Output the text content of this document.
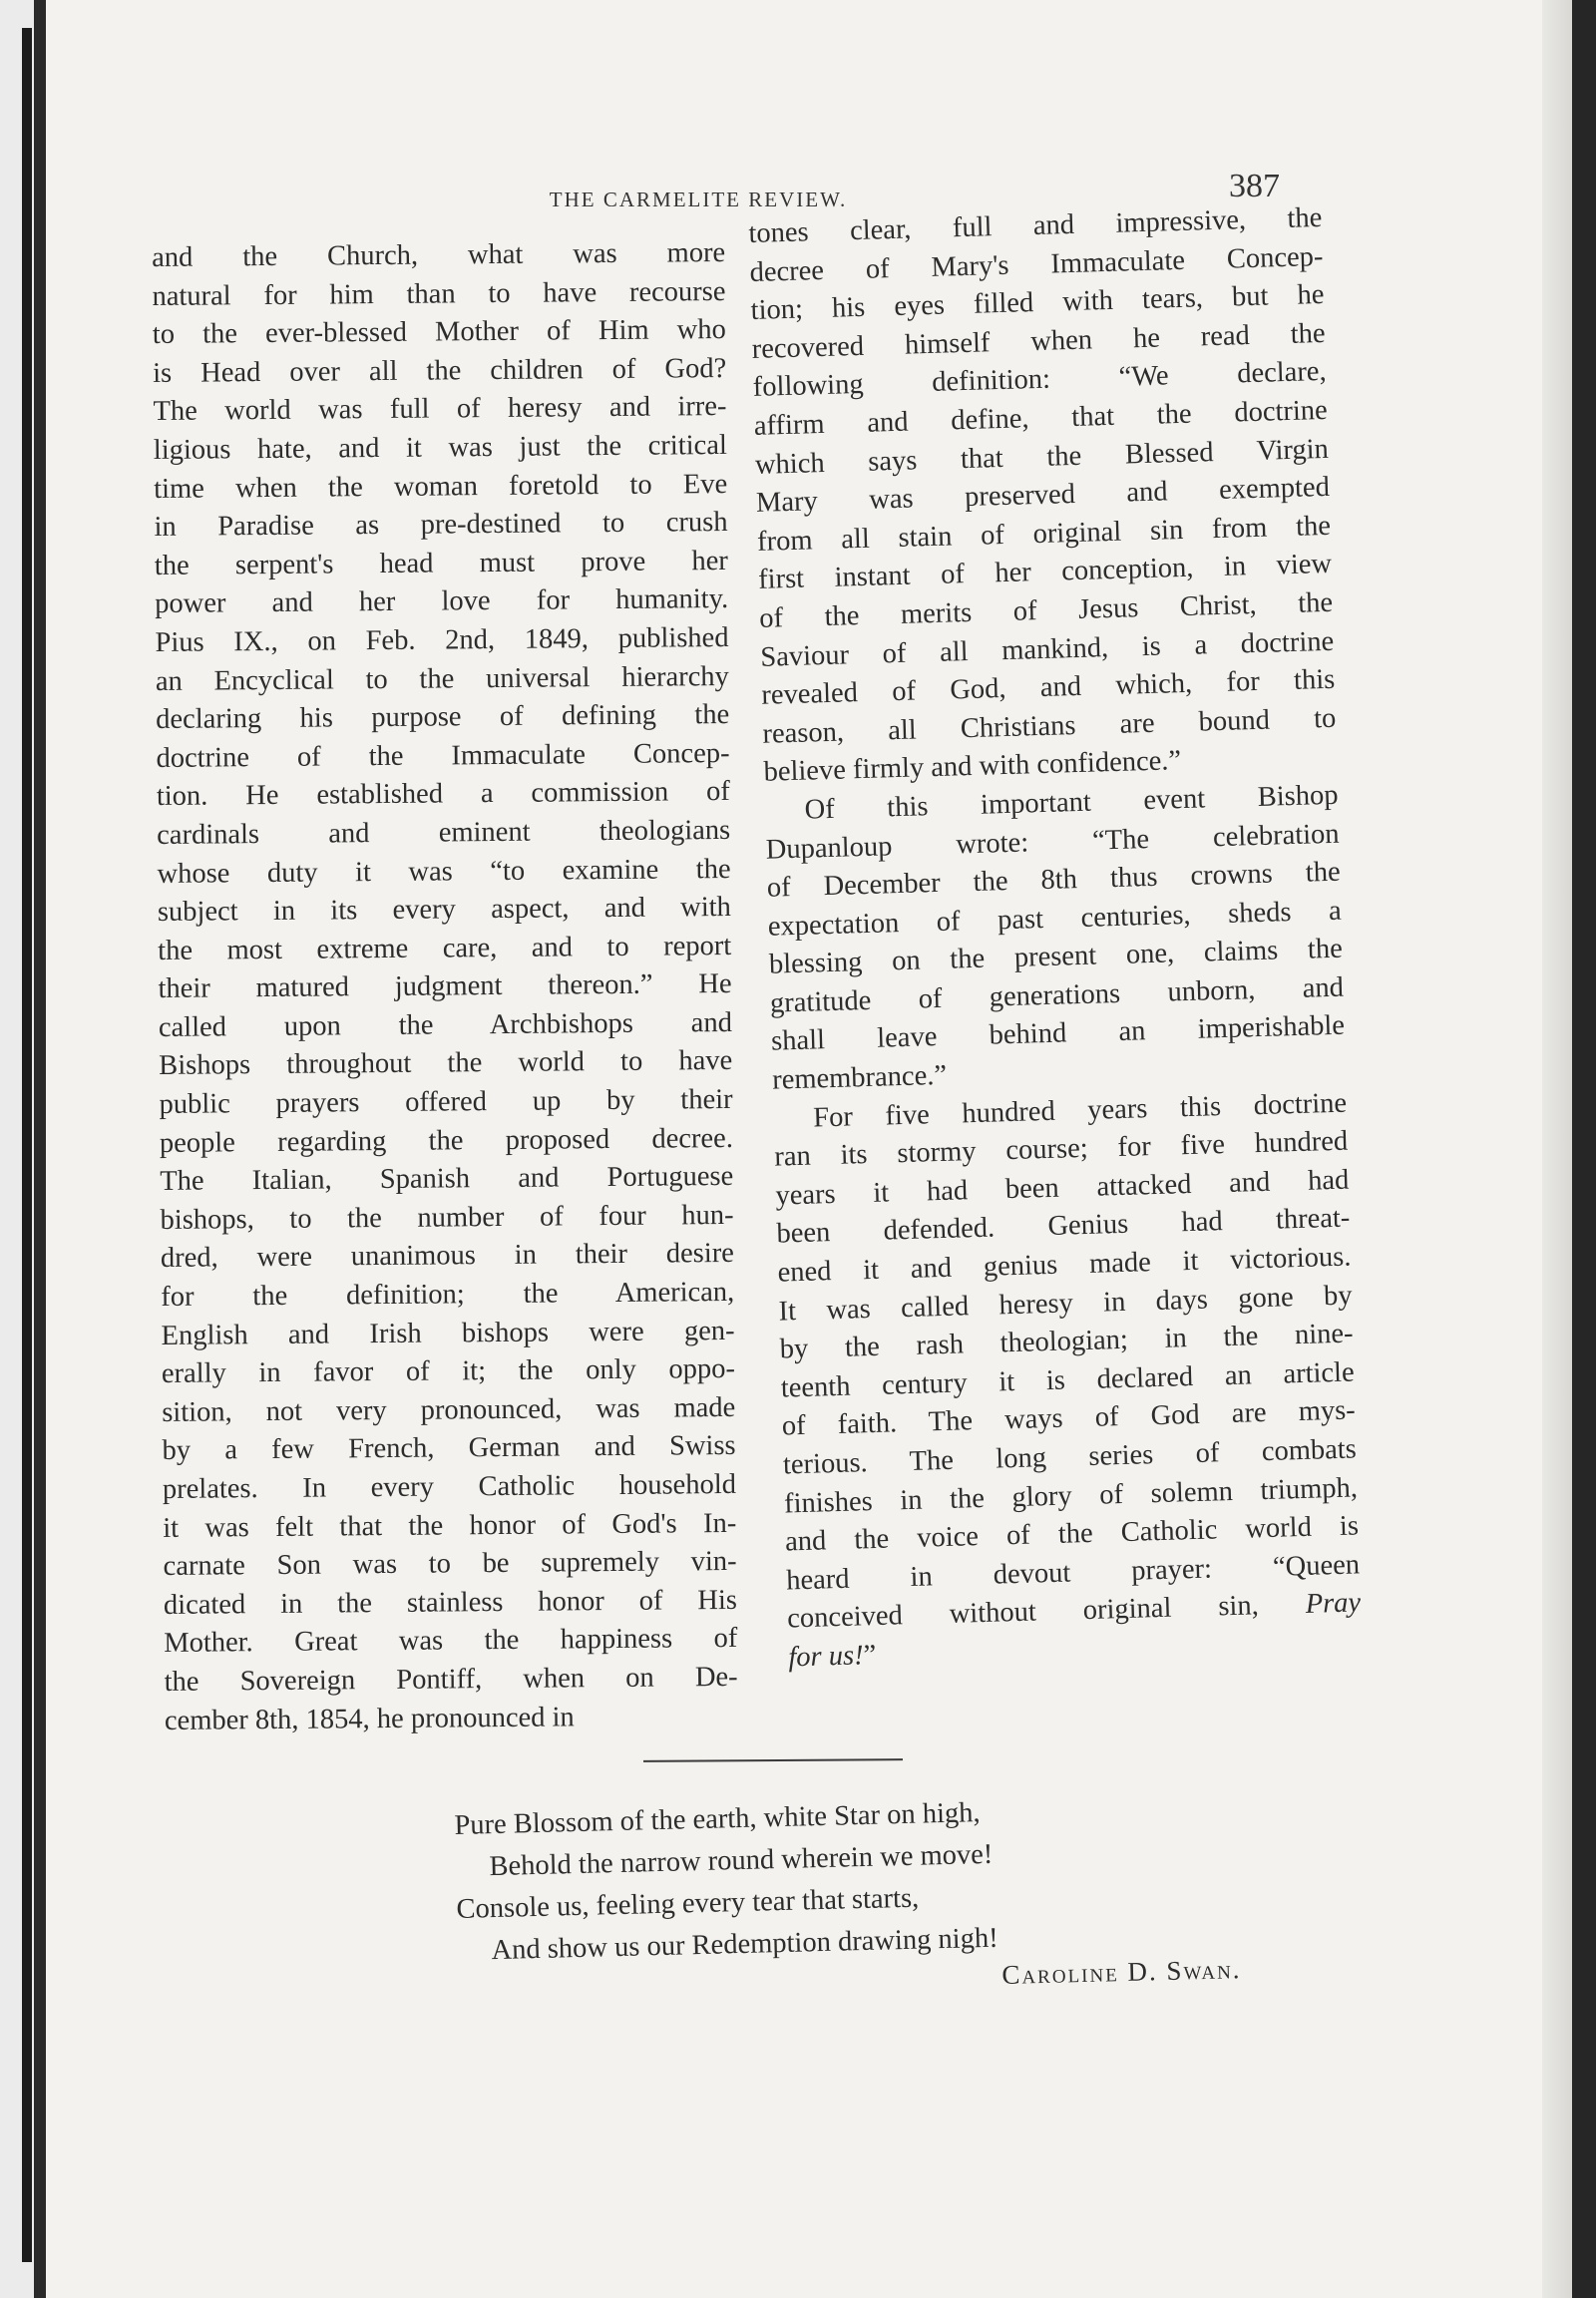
THE CARMELITE REVIEW.	387
and the Church, what was more
natural for him than to have recourse
to the ever-blessed Mother of Him who
is Head over all the children of God?
The world was full of heresy and irre-
ligious hate, and it was just the critical
time when the woman foretold to Eve
in Paradise as pre-destined to crush
the serpent's head must prove her
power and her love for humanity.
Pius IX., on Feb. 2nd, 1849, published
an Encyclical to the universal hierarchy
declaring his purpose of defining the
doctrine of the Immaculate Concep-
tion. He established a commission of
cardinals and eminent theologians
whose duty it was “to examine the
subject in its every aspect, and with
the most extreme care, and to report
their matured judgment thereon.” He
called upon the Archbishops and
Bishops throughout the world to have
public prayers offered up by their
people regarding the proposed decree.
The Italian, Spanish and Portuguese
bishops, to the number of four hun-
dred, were unanimous in their desire
for the definition; the American,
English and Irish bishops were gen-
erally in favor of it; the only oppo-
sition, not very pronounced, was made
by a few French, German and Swiss
prelates. In every Catholic household
it was felt that the honor of God's In-
carnate Son was to be supremely vin-
dicated in the stainless honor of His
Mother. Great was the happiness of
the Sovereign Pontiff, when on De-
cember 8th, 1854, he pronounced in
tones clear, full and impressive, the
decree of Mary's Immaculate Concep-
tion; his eyes filled with tears, but he
recovered himself when he read the
following definition: “We declare,
affirm and define, that the doctrine
which says that the Blessed Virgin
Mary was preserved and exempted
from all stain of original sin from the
first instant of her conception, in view
of the merits of Jesus Christ, the
Saviour of all mankind, is a doctrine
revealed of God, and which, for this
reason, all Christians are bound to
believe firmly and with confidence.”
Of this important event Bishop
Dupanloup wrote: “The celebration
of December the 8th thus crowns the
expectation of past centuries, sheds a
blessing on the present one, claims the
gratitude of generations unborn, and
shall leave behind an imperishable
remembrance.”
For five hundred years this doctrine
ran its stormy course; for five hundred
years it had been attacked and had
been defended. Genius had threat-
ened it and genius made it victorious.
It was called heresy in days gone by
by the rash theologian; in the nine-
teenth century it is declared an article
of faith. The ways of God are mys-
terious. The long series of combats
finishes in the glory of solemn triumph,
and the voice of the Catholic world is
heard in devout prayer: “Queen
conceived without original sin, Pray
for us!”
Pure Blossom of the earth, white Star on high,
Behold the narrow round wherein we move!
Console us, feeling every tear that starts,
And show us our Redemption drawing nigh!
Caroline D. Swan.
